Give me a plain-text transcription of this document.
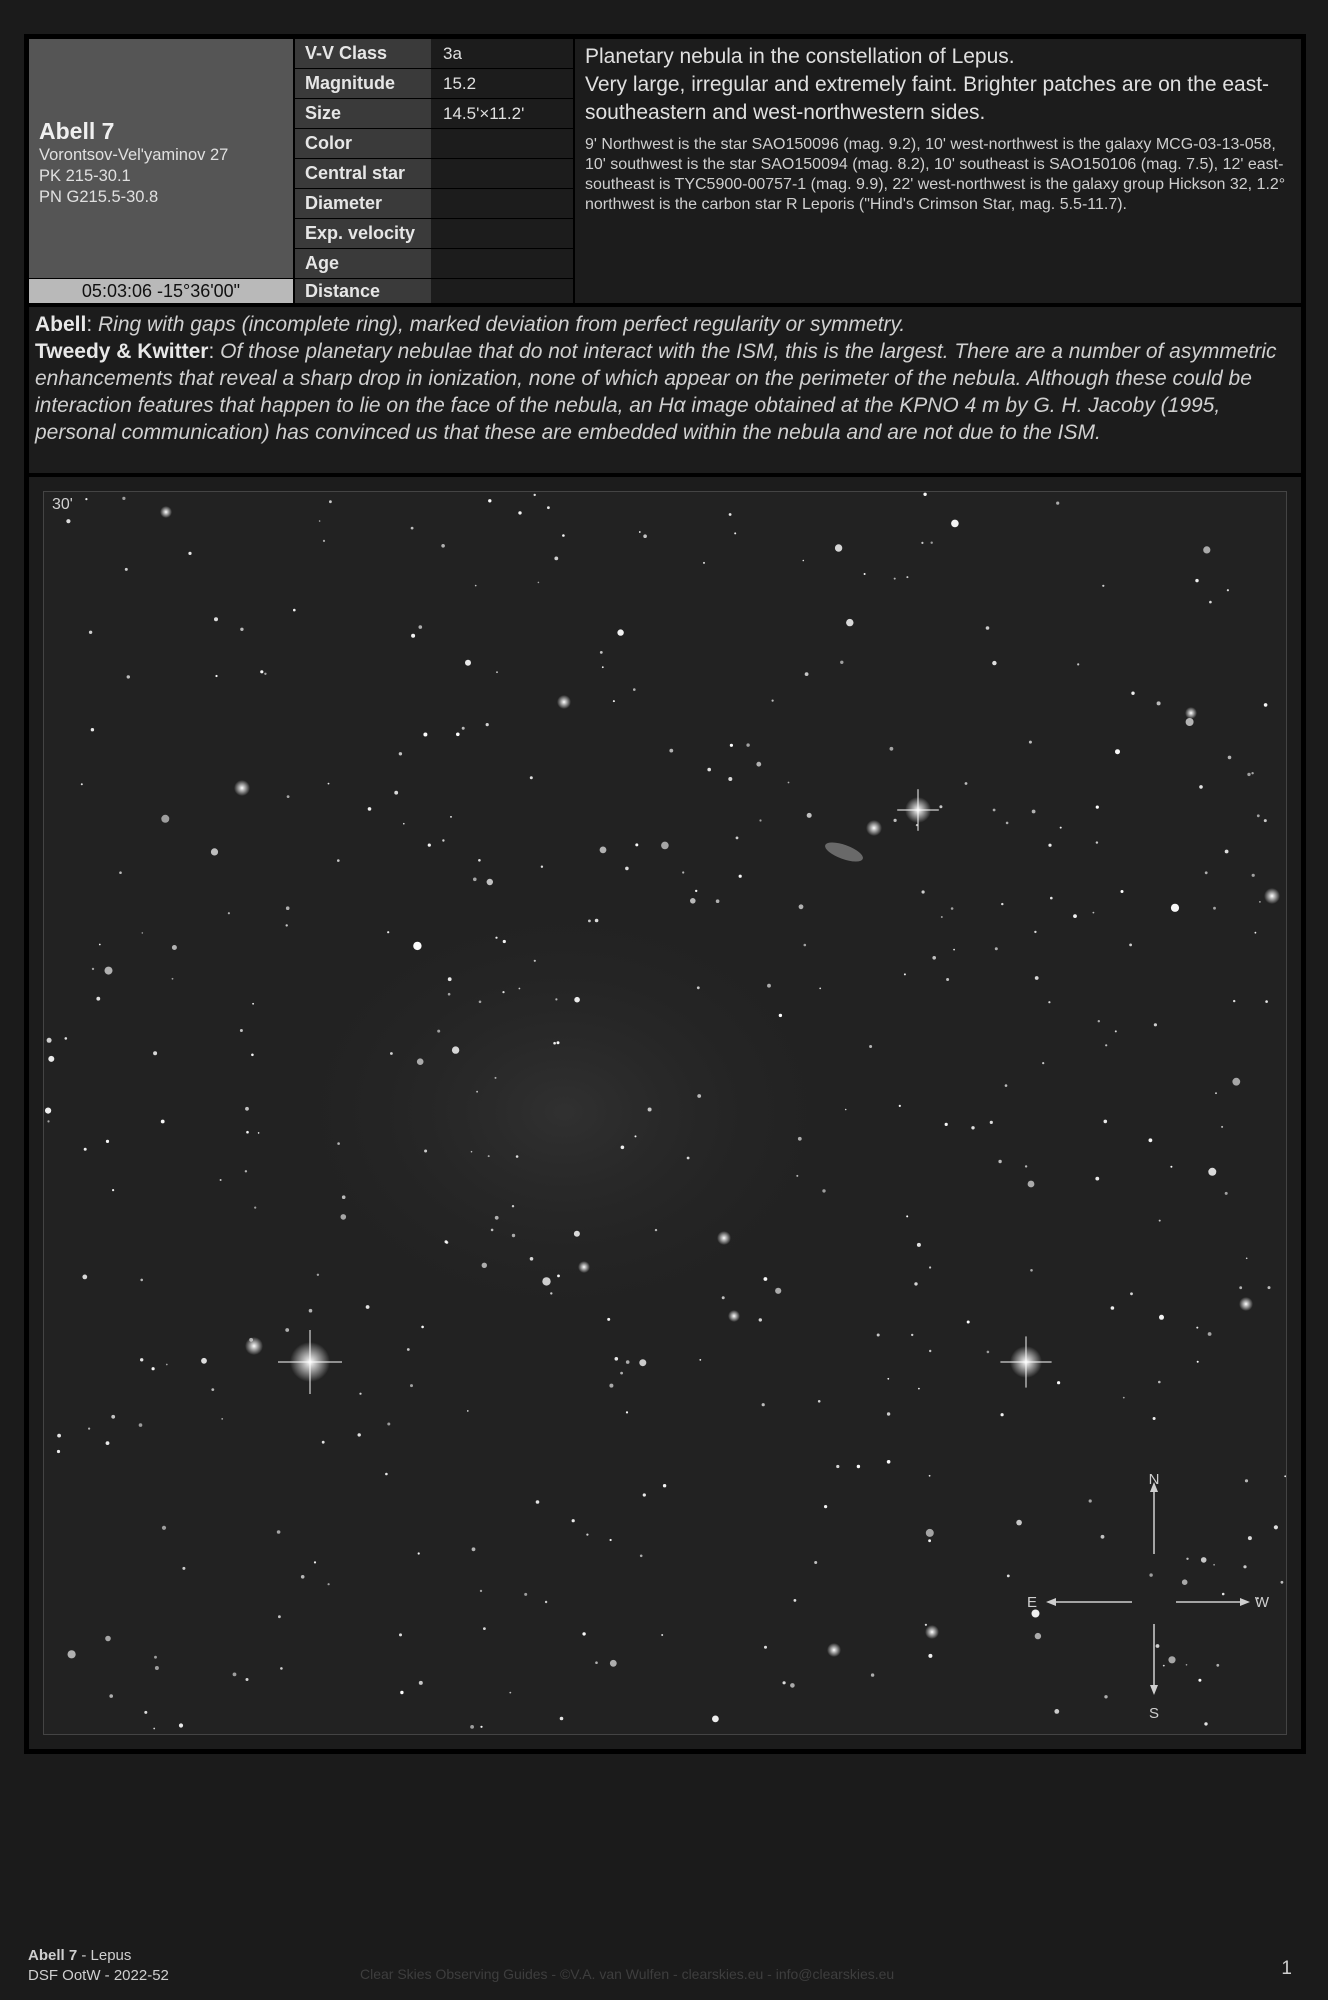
Abell 7
Vorontsov-Vel'yaminov 27
PK 215-30.1
PN G215.5-30.8
05:03:06 -15°36'00"
V-V Class	3a
Magnitude	15.2
Size	14.5'×11.2'
Color
Central star
Diameter
Exp. velocity
Age
Distance
Planetary nebula in the constellation of Lepus.
Very large, irregular and extremely faint. Brighter patches are on the east-southeastern and west-northwestern sides.
9' Northwest is the star SAO150096 (mag. 9.2), 10' west-northwest is the galaxy MCG-03-13-058, 10' southwest is the star SAO150094 (mag. 8.2), 10' southeast is SAO150106 (mag. 7.5), 12' east-southeast is TYC5900-00757-1 (mag. 9.9), 22' west-northwest is the galaxy group Hickson 32, 1.2° northwest is the carbon star R Leporis ("Hind's Crimson Star, mag. 5.5-11.7).
Abell: Ring with gaps (incomplete ring), marked deviation from perfect regularity or symmetry.
Tweedy & Kwitter: Of those planetary nebulae that do not interact with the ISM, this is the largest. There are a number of asymmetric enhancements that reveal a sharp drop in ionization, none of which appear on the perimeter of the nebula. Although these could be interaction features that happen to lie on the face of the nebula, an Hα image obtained at the KPNO 4 m by G. H. Jacoby (1995, personal communication) has convinced us that these are embedded within the nebula and are not due to the ISM.
N
S
E	W
30'
Abell 7 - Lepus
DSF OotW - 2022-52	Clear Skies Observing Guides - ©V.A. van Wulfen - clearskies.eu - info@clearskies.eu	1
